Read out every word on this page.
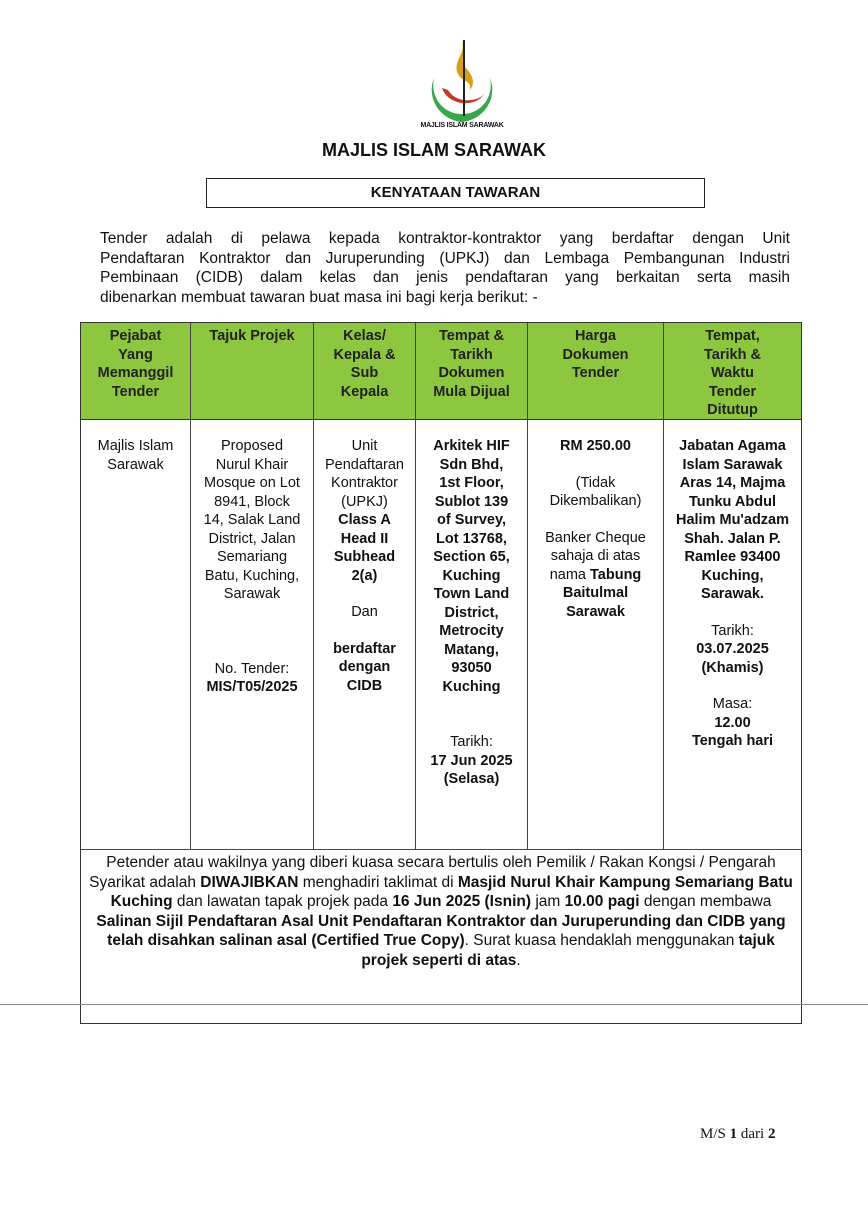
MAJLIS ISLAM SARAWAK
MAJLIS ISLAM SARAWAK
KENYATAAN TAWARAN
Tender adalah di pelawa kepada kontraktor-kontraktor yang berdaftar dengan Unit
Pendaftaran Kontraktor dan Juruperunding (UPKJ) dan Lembaga Pembangunan Industri
Pembinaan (CIDB) dalam kelas dan jenis pendaftaran yang berkaitan serta masih
dibenarkan membuat tawaran buat masa ini bagi kerja berikut: -
Pejabat
Yang
Memanggil
Tender
Tajuk Projek	Kelas/
Kepala &
Sub
Kepala
Tempat &
Tarikh
Dokumen
Mula Dijual
Harga
Dokumen
Tender
Tempat,
Tarikh &
Waktu
Tender
Ditutup
Majlis Islam
Sarawak
Proposed
Nurul Khair
Mosque on Lot
8941, Block
14, Salak Land
District, Jalan
Semariang
Batu, Kuching,
Sarawak
No. Tender:
MIS/T05/2025
Unit
Pendaftaran
Kontraktor
(UPKJ)
Class A
Head II
Subhead
2(a)
Dan
berdaftar
dengan
CIDB
Arkitek HIF
Sdn Bhd,
1st Floor,
Sublot 139
of Survey,
Lot 13768,
Section 65,
Kuching
Town Land
District,
Metrocity
Matang,
93050
Kuching
Tarikh:
17 Jun 2025
(Selasa)
RM 250.00
(Tidak
Dikembalikan)
Banker Cheque
sahaja di atas
nama Tabung
Baitulmal
Sarawak
Jabatan Agama
Islam Sarawak
Aras 14, Majma
Tunku Abdul
Halim Mu'adzam
Shah. Jalan P.
Ramlee 93400
Kuching,
Sarawak.
Tarikh:
03.07.2025
(Khamis)
Masa:
12.00
Tengah hari
Petender atau wakilnya yang diberi kuasa secara bertulis oleh Pemilik / Rakan Kongsi / Pengarah Syarikat adalah DIWAJIBKAN menghadiri taklimat di Masjid Nurul Khair Kampung Semariang Batu Kuching dan lawatan tapak projek pada 16 Jun 2025 (Isnin) jam 10.00 pagi dengan membawa Salinan Sijil Pendaftaran Asal Unit Pendaftaran Kontraktor dan Juruperunding dan CIDB yang telah disahkan salinan asal (Certified True Copy). Surat kuasa hendaklah menggunakan tajuk projek seperti di atas.
M/S 1 dari 2
